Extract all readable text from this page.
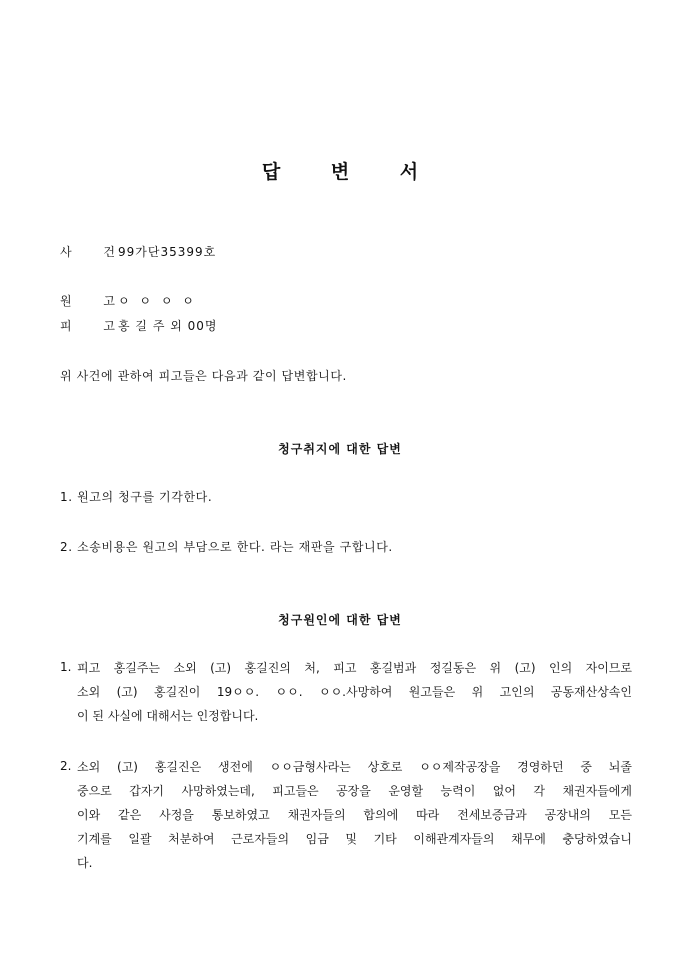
답 변 서
사 건
99가단35399호
원 고
ㅇ ㅇ ㅇ ㅇ
피 고
홍 길 주 외 00명
위 사건에 관하여 피고들은 다음과 같이 답변합니다.
청구취지에 대한 답변
1. 원고의 청구를 기각한다.
2. 소송비용은 원고의 부담으로 한다. 라는 재판을 구합니다.
청구원인에 대한 답변
1. 피고 홍길주는 소외 (고) 홍길진의 처, 피고 홍길범과 정길동은 위 (고) 인의 자이므로
소외 (고) 홍길진이 19ㅇㅇ. ㅇㅇ. ㅇㅇ.사망하여 원고들은 위 고인의 공동재산상속인
이 된 사실에 대해서는 인정합니다.
2. 소외 (고) 홍길진은 생전에 ㅇㅇ금형사라는 상호로 ㅇㅇ제작공장을 경영하던 중 뇌졸
중으로 갑자기 사망하였는데, 피고들은 공장을 운영할 능력이 없어 각 채권자들에게
이와 같은 사정을 통보하였고 채권자들의 합의에 따라 전세보증금과 공장내의 모든
기계를 일괄 처분하여 근로자들의 임금 및 기타 이해관계자들의 채무에 충당하였습니
다.
